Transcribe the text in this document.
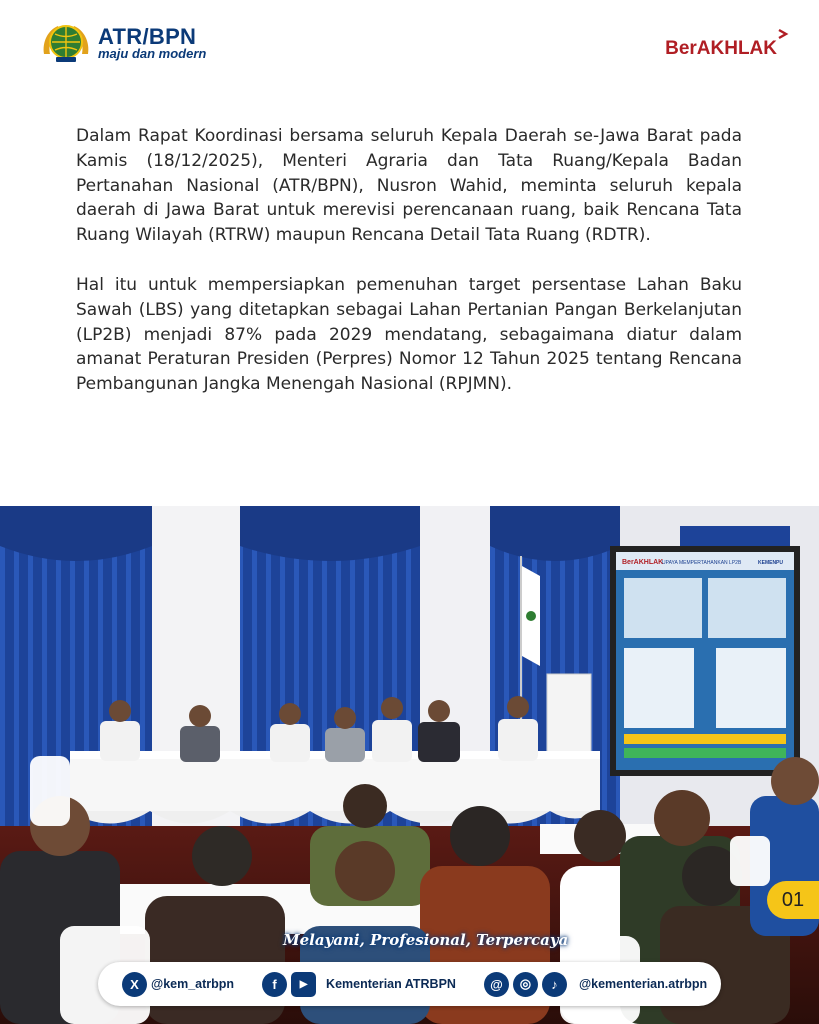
ATR/BPN
maju dan modern	BerAKHLAK

Dalam Rapat Koordinasi bersama seluruh Kepala Daerah se-Jawa Barat pada Kamis (18/12/2025), Menteri Agraria dan Tata Ruang/Kepala Badan Pertanahan Nasional (ATR/BPN), Nusron Wahid, meminta seluruh kepala daerah di Jawa Barat untuk merevisi perencanaan ruang, baik Rencana Tata Ruang Wilayah (RTRW) maupun Rencana Detail Tata Ruang (RDTR).

Hal itu untuk mempersiapkan pemenuhan target persentase Lahan Baku Sawah (LBS) yang ditetapkan sebagai Lahan Pertanian Pangan Berkelanjutan (LP2B) menjadi 87% pada 2029 mendatang, sebagaimana diatur dalam amanat Peraturan Presiden (Perpres) Nomor 12 Tahun 2025 tentang Rencana Pembangunan Jangka Menengah Nasional (RPJMN).

BerAKHLAK
UPAYA MEMPERTAHANKAN LP2B	KEMENPU
01
Melayani, Profesional, Terpercaya
X @kem_atrbpn	f	▶	Kementerian ATRBPN	@	◎	♪	@kementerian.atrbpn
